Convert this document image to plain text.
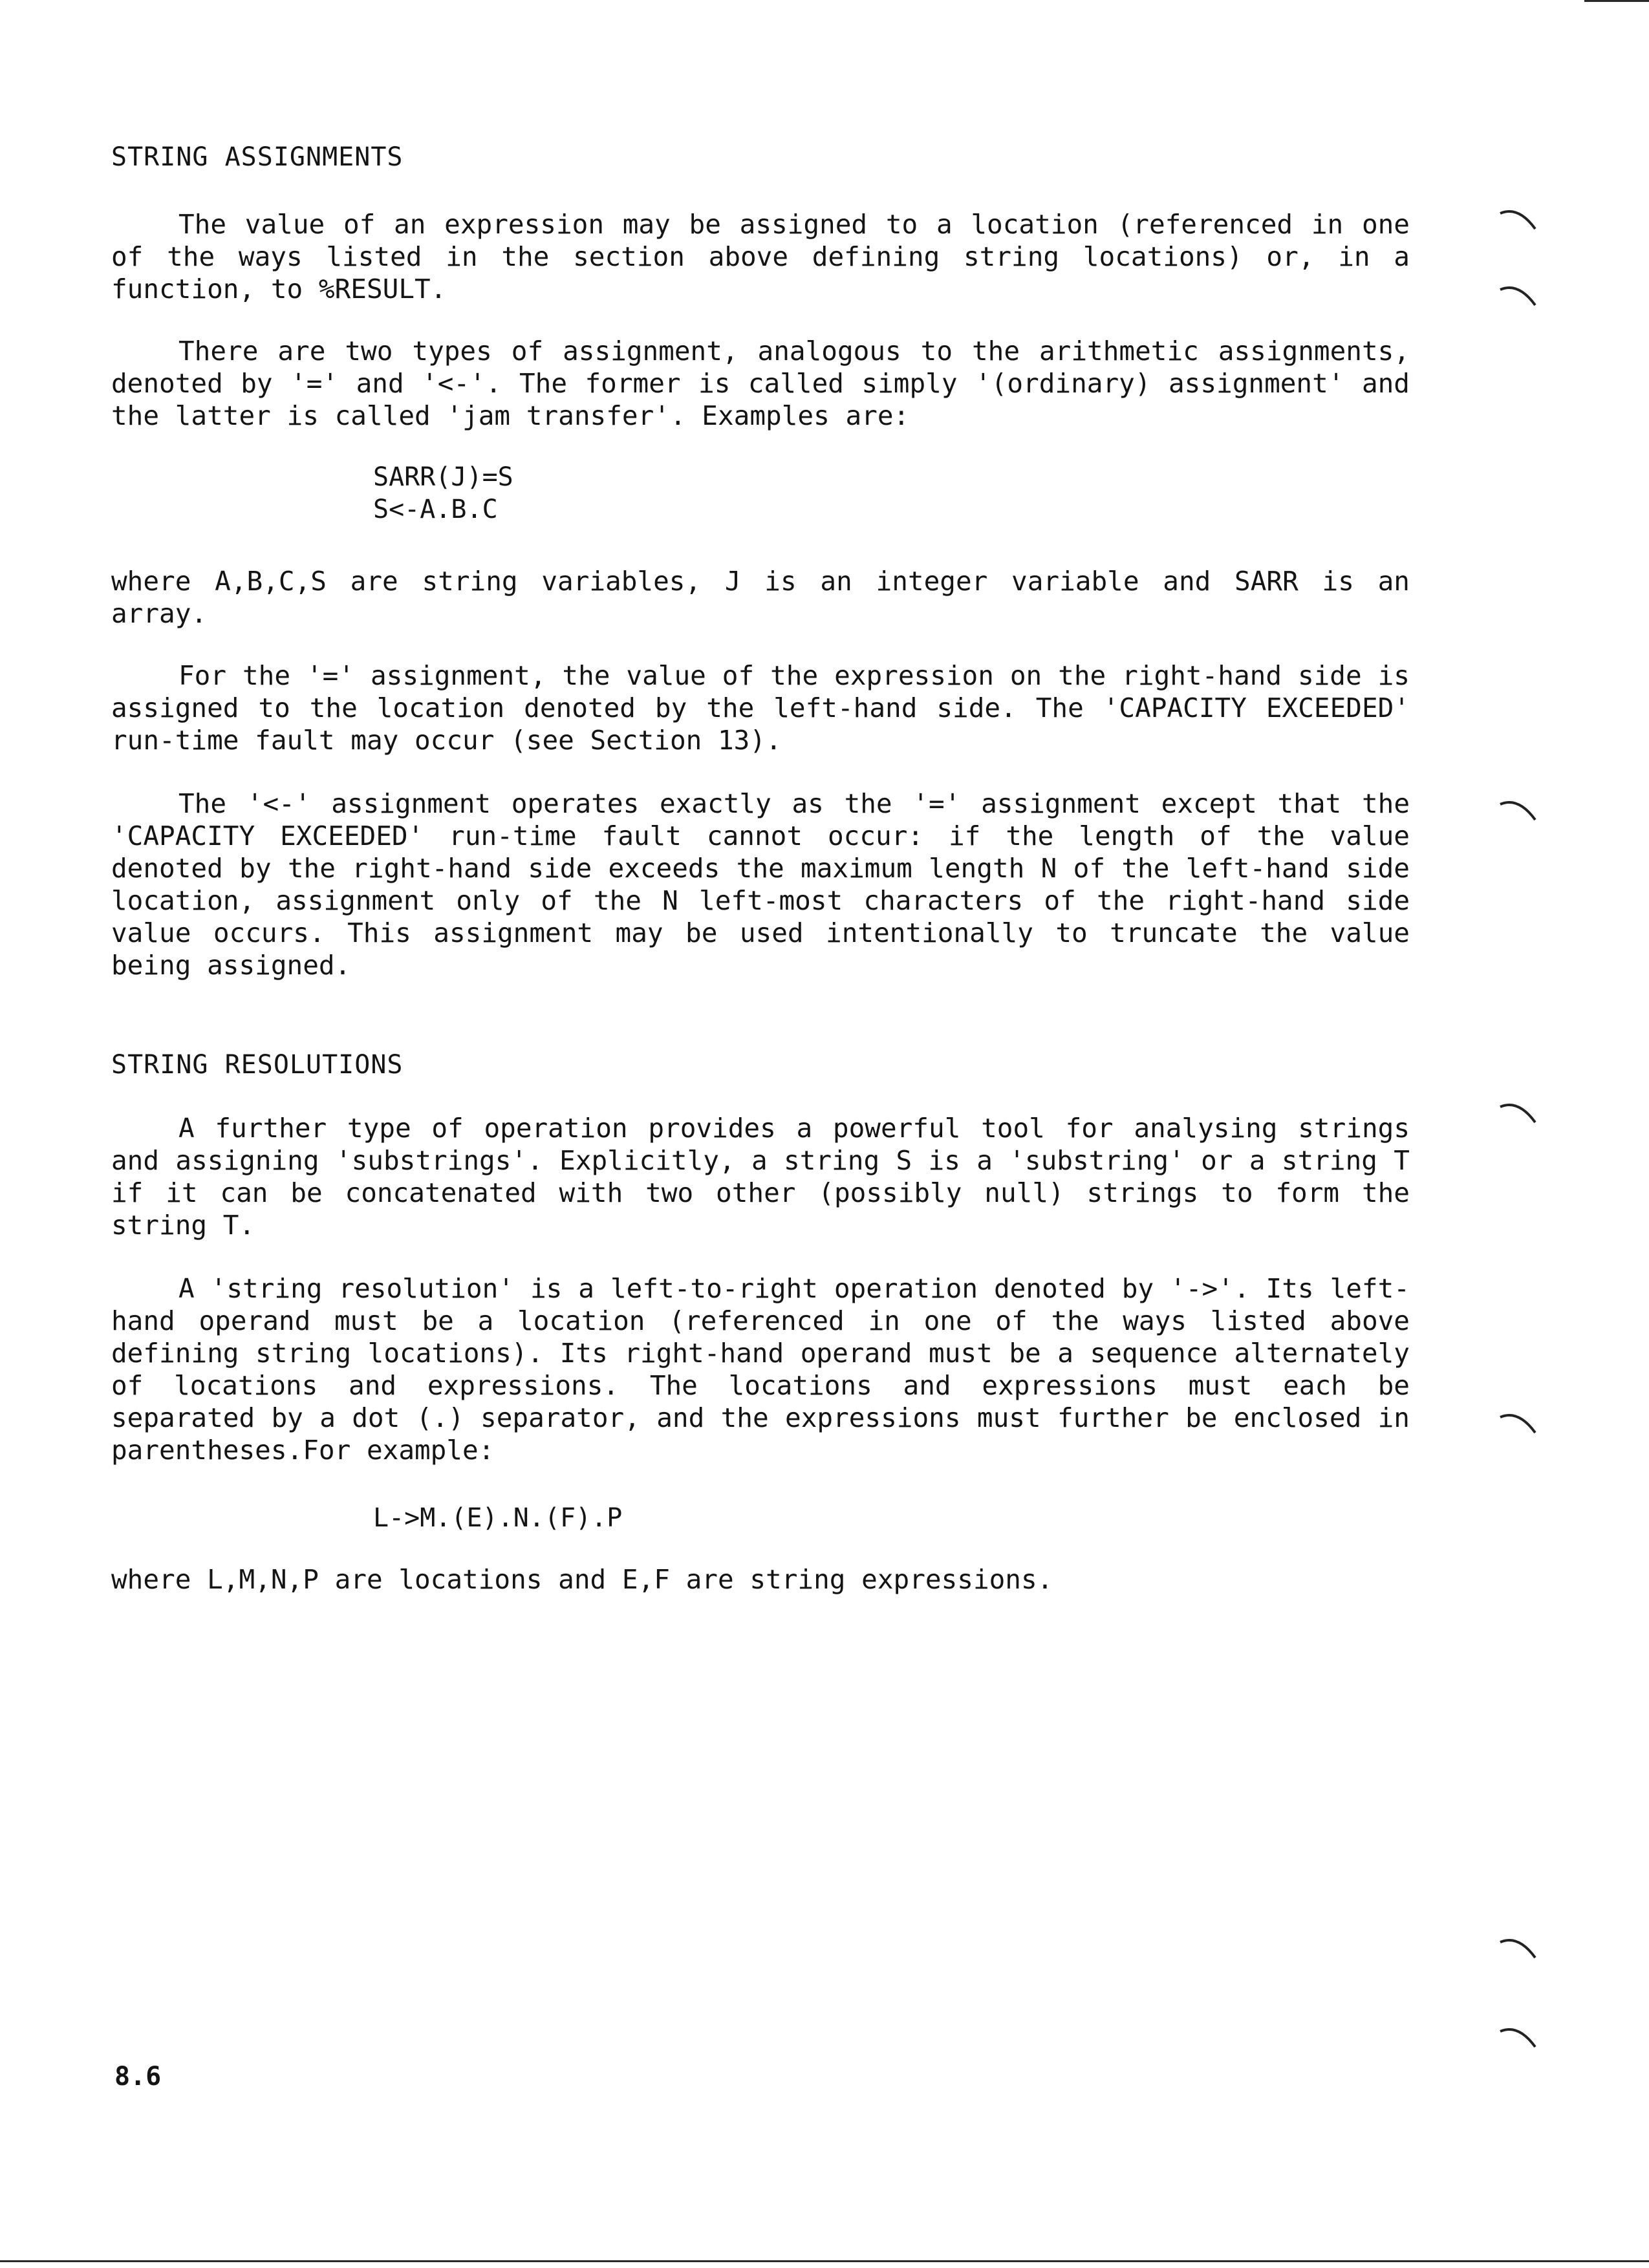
STRING ASSIGNMENTS

The value of an expression may be assigned to a location (referenced in one of the ways listed in the section above defining string locations) or, in a function, to %RESULT.

There are two types of assignment, analogous to the arithmetic assignments, denoted by '=' and '<-'. The former is called simply '(ordinary) assignment' and the latter is called 'jam transfer'. Examples are:

SARR(J)=S
S<-A.B.C

where A,B,C,S are string variables, J is an integer variable and SARR is an array.

For the '=' assignment, the value of the expression on the right-hand side is assigned to the location denoted by the left-hand side. The 'CAPACITY EXCEEDED' run-time fault may occur (see Section 13).

The '<-' assignment operates exactly as the '=' assignment except that the 'CAPACITY EXCEEDED' run-time fault cannot occur: if the length of the value denoted by the right-hand side exceeds the maximum length N of the left-hand side location, assignment only of the N left-most characters of the right-hand side value occurs. This assignment may be used intentionally to truncate the value being assigned.

STRING RESOLUTIONS

A further type of operation provides a powerful tool for analysing strings and assigning 'substrings'. Explicitly, a string S is a 'substring' or a string T if it can be concatenated with two other (possibly null) strings to form the string T.

A 'string resolution' is a left-to-right operation denoted by '->'. Its left-hand operand must be a location (referenced in one of the ways listed above defining string locations). Its right-hand operand must be a sequence alternately of locations and expressions. The locations and expressions must each be separated by a dot (.) separator, and the expressions must further be enclosed in parentheses.For example:

L->M.(E).N.(F).P

where L,M,N,P are locations and E,F are string expressions.

8.6
